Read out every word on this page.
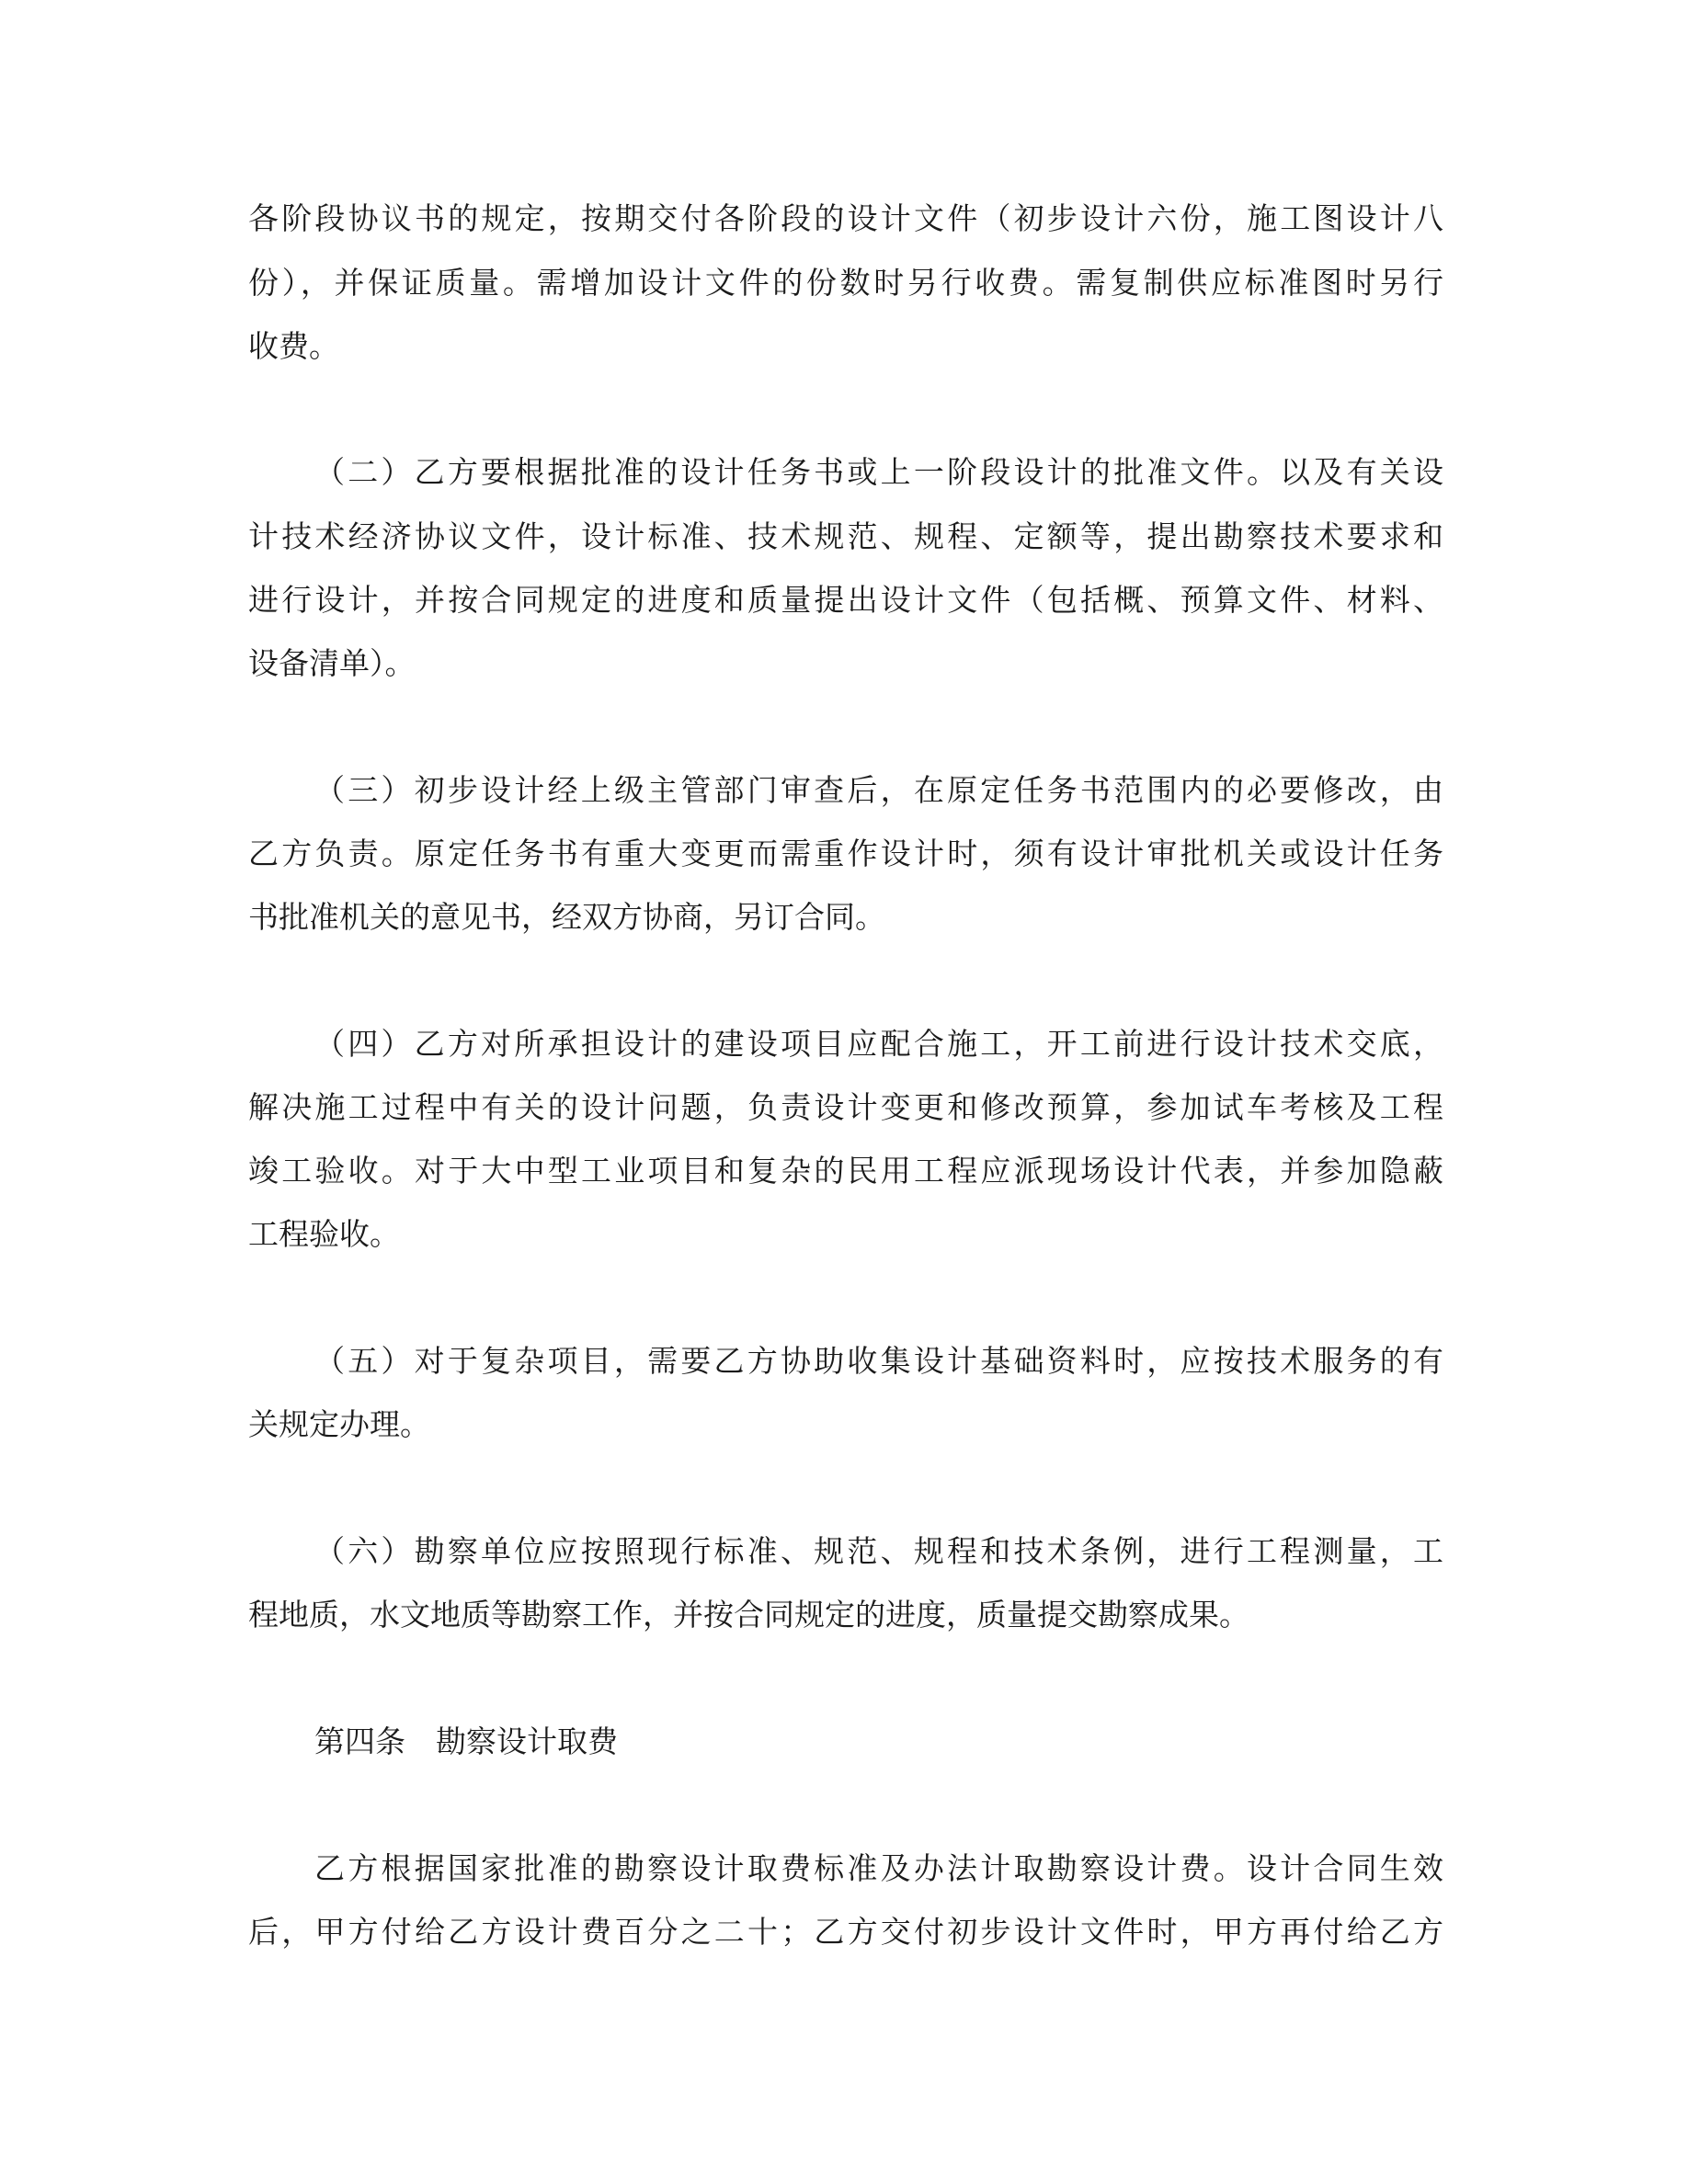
各阶段协议书的规定，按期交付各阶段的设计文件（初步设计六份，施工图设计八
份），并保证质量。需增加设计文件的份数时另行收费。需复制供应标准图时另行
收费。
（二）乙方要根据批准的设计任务书或上一阶段设计的批准文件。以及有关设
计技术经济协议文件，设计标准、技术规范、规程、定额等，提出勘察技术要求和
进行设计，并按合同规定的进度和质量提出设计文件（包括概、预算文件、材料、
设备清单）。
（三）初步设计经上级主管部门审查后，在原定任务书范围内的必要修改，由
乙方负责。原定任务书有重大变更而需重作设计时，须有设计审批机关或设计任务
书批准机关的意见书，经双方协商，另订合同。
（四）乙方对所承担设计的建设项目应配合施工，开工前进行设计技术交底，
解决施工过程中有关的设计问题，负责设计变更和修改预算，参加试车考核及工程
竣工验收。对于大中型工业项目和复杂的民用工程应派现场设计代表，并参加隐蔽
工程验收。
（五）对于复杂项目，需要乙方协助收集设计基础资料时，应按技术服务的有
关规定办理。
（六）勘察单位应按照现行标准、规范、规程和技术条例，进行工程测量，工
程地质，水文地质等勘察工作，并按合同规定的进度，质量提交勘察成果。
第四条　勘察设计取费
乙方根据国家批准的勘察设计取费标准及办法计取勘察设计费。设计合同生效
后，甲方付给乙方设计费百分之二十；乙方交付初步设计文件时，甲方再付给乙方
